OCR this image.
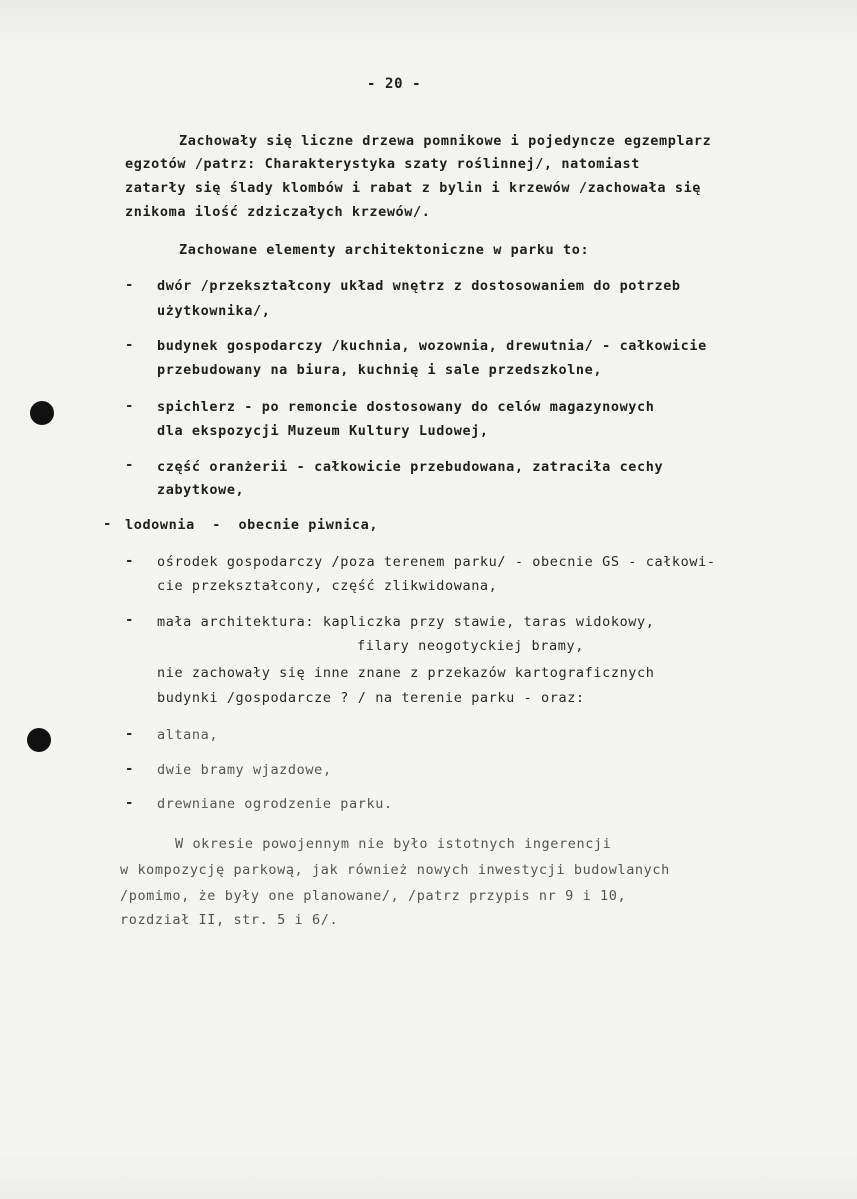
- 20 -
Zachowały się liczne drzewa pomnikowe i pojedyncze egzemplarz
egzotów /patrz: Charakterystyka szaty roślinnej/, natomiast
zatarły się ślady klombów i rabat z bylin i krzewów /zachowała się
znikoma ilość zdziczałych krzewów/.
Zachowane elementy architektoniczne w parku to:
- dwór /przekształcony układ wnętrz z dostosowaniem do potrzeb
użytkownika/,
- budynek gospodarczy /kuchnia, wozownia, drewutnia/ - całkowicie
przebudowany na biura, kuchnię i sale przedszkolne,
- spichlerz - po remoncie dostosowany do celów magazynowych
dla ekspozycji Muzeum Kultury Ludowej,
- część oranżerii - całkowicie przebudowana, zatraciła cechy
zabytkowe,
- lodownia  -  obecnie piwnica,
- ośrodek gospodarczy /poza terenem parku/ - obecnie GS - całkowi-
cie przekształcony, część zlikwidowana,
- mała architektura: kapliczka przy stawie, taras widokowy,
filary neogotyckiej bramy,
nie zachowały się inne znane z przekazów kartograficznych
budynki /gospodarcze ? / na terenie parku - oraz:
- altana,
- dwie bramy wjazdowe,
- drewniane ogrodzenie parku.
W okresie powojennym nie było istotnych ingerencji
w kompozycję parkową, jak również nowych inwestycji budowlanych
/pomimo, że były one planowane/, /patrz przypis nr 9 i 10,
rozdział II, str. 5 i 6/.
